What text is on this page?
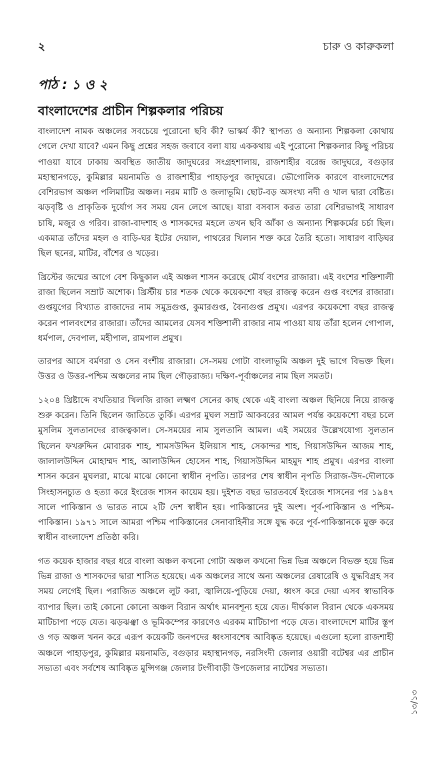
২	চারু ও কারুকলা
পাঠ : ১ ও ২
বাংলাদেশের প্রাচীন শিল্পকলার পরিচয়

বাংলাদেশ নামক অঞ্চলের সবচেয়ে পুরোনো ছবি কী? ভাস্কর্য কী? স্থাপত্য ও অন্যান্য শিল্পকলা কোথায় গেলে দেখা যাবে? এমন কিছু প্রশ্নের সহজ জবাবে বলা যায় এককথায় এই পুরোনো শিল্পকলার কিছু পরিচয় পাওয়া যাবে ঢাকায় অবস্থিত জাতীয় জাদুঘরের সংগ্রহশালায়, রাজশাহীর বরেন্দ্র জাদুঘরে, বগুড়ার মহাস্থানগড়ে, কুমিল্লার ময়নামতি ও রাজশাহীর পাহাড়পুর জাদুঘরে। ভৌগোলিক কারণে বাংলাদেশের বেশিরভাগ অঞ্চল পলিমাটির অঞ্চল। নরম মাটি ও জলাভূমি। ছোট-বড় অসংখ্য নদী ও খাল দ্বারা বেষ্টিত। ঝড়বৃষ্টি ও প্রাকৃতিক দুর্যোগ সব সময় যেন লেগে আছে। যারা বসবাস করত তারা বেশিরভাগই সাধারণ চাষি, মজুর ও গরিব। রাজা-বাদশাহ ও শাসকদের মহলে তখন ছবি আঁকা ও অন্যান্য শিল্পকর্মের চর্চা ছিল। একমাত্র তাঁদের মহল ও বাড়ি-ঘর ইটের দেয়াল, পাথরের খিলান শক্ত করে তৈরি হতো। সাধারণ বাড়িঘর ছিল ছনের, মাটির, বাঁশের ও খড়ের।

খ্রিস্টের জন্মের আগে বেশ কিছুকাল এই অঞ্চল শাসন করেছে মৌর্য বংশের রাজারা। এই বংশের শক্তিশালী রাজা ছিলেন সম্রাট অশোক। খ্রিস্টীয় চার শতক থেকে কয়েকশো বছর রাজত্ব করেন গুপ্ত বংশের রাজারা। গুপ্তযুগের বিখ্যাত রাজাদের নাম সমুদ্রগুপ্ত, কুমারগুপ্ত, বৈন্যগুপ্ত প্রমুখ। এরপর কয়েকশো বছর রাজত্ব করেন পালবংশের রাজারা। তাঁদের আমলের যেসব শক্তিশালী রাজার নাম পাওয়া যায় তাঁরা হলেন গোপাল, ধর্মপাল, দেবপাল, মহীপাল, রামপাল প্রমুখ।

তারপর আসে বর্মণরা ও সেন বংশীয় রাজারা। সে-সময় গোটা বাংলাভূমি অঞ্চল দুই ভাগে বিভক্ত ছিল। উত্তর ও উত্তর-পশ্চিম অঞ্চলের নাম ছিল গৌড়রাজ্য। দক্ষিণ-পূর্বাঞ্চলের নাম ছিল সমতট।

১২০৪ খ্রিষ্টাব্দে বখতিয়ার খিলজি রাজা লক্ষ্মণ সেনের কাছ থেকে এই বাংলা অঞ্চল ছিনিয়ে নিয়ে রাজত্ব শুরু করেন। তিনি ছিলেন জাতিতে তুর্কি। এরপর মুঘল সম্রাট আকবরের আমল পর্যন্ত কয়েকশো বছর চলে মুসলিম সুলতানদের রাজত্বকাল। সে-সময়ের নাম সুলতানি আমল। এই সময়ের উল্লেখযোগ্য সুলতান ছিলেন ফখরুদ্দিন মোবারক শাহ, শামসউদ্দিন ইলিয়াস শাহ, সেকান্দর শাহ, গিয়াসউদ্দিন আজম শাহ, জালালউদ্দিন মোহাম্মদ শাহ, আলাউদ্দিন হোসেন শাহ, গিয়াসউদ্দিন মাহমুদ শাহ প্রমুখ। এরপর বাংলা শাসন করেন মুঘলরা, মাঝে মাঝে কোনো স্বাধীন নৃপতি। তারপর শেষ স্বাধীন নৃপতি সিরাজ-উদ-দৌলাকে সিংহাসনচ্যুত ও হত্যা করে ইংরেজ শাসন কায়েম হয়। দুইশত বছর ভারতবর্ষে ইংরেজ শাসনের পর ১৯৪৭ সালে পাকিস্তান ও ভারত নামে ২টি দেশ স্বাধীন হয়। পাকিস্তানের দুই অংশ। পূর্ব-পাকিস্তান ও পশ্চিম-পাকিস্তান। ১৯৭১ সালে আমরা পশ্চিম পাকিস্তানের সেনাবাহিনীর সঙ্গে যুদ্ধ করে পূর্ব-পাকিস্তানকে মুক্ত করে স্বাধীন বাংলাদেশ প্রতিষ্ঠা করি।

গত কয়েক হাজার বছর ধরে বাংলা অঞ্চল কখনো গোটা অঞ্চল কখনো ভিন্ন ভিন্ন অঞ্চলে বিভক্ত হয়ে ভিন্ন ভিন্ন রাজা ও শাসকদের দ্বারা শাসিত হয়েছে। এক অঞ্চলের সাথে অন্য অঞ্চলের রেষারেষি ও যুদ্ধবিগ্রহ সব সময় লেগেই ছিল। পরাজিত অঞ্চলে লুট করা, জ্বালিয়ে-পুড়িয়ে দেয়া, ধ্বংস করে দেয়া এসব স্বাভাবিক ব্যাপার ছিল। তাই কোনো কোনো অঞ্চল বিরান অর্থাৎ মানবশূন্য হয়ে যেত। দীর্ঘকাল বিরান থেকে একসময় মাটিচাপা পড়ে যেত। ঝড়ঝঞ্ঝা ও ভূমিকম্পের কারণেও এরকম মাটিচাপা পড়ে যেত। বাংলাদেশে মাটির স্তূপ ও গড় অঞ্চল খনন করে এরূপ কয়েকটি জনপদের ধ্বংসাবশেষ আবিষ্কৃত হয়েছে। এগুলো হলো রাজশাহী অঞ্চলে পাহাড়পুর, কুমিল্লার ময়নামতি, বগুড়ার মহাস্থানগড়, নরসিংদী জেলার ওয়ারী বটেশ্বর এর প্রাচীন সভ্যতা এবং সর্বশেষ আবিষ্কৃত মুন্সিগঞ্জ জেলার টংগীবাড়ী উপজেলার নাটেশ্বর সভ্যতা।

১৩/১৩
